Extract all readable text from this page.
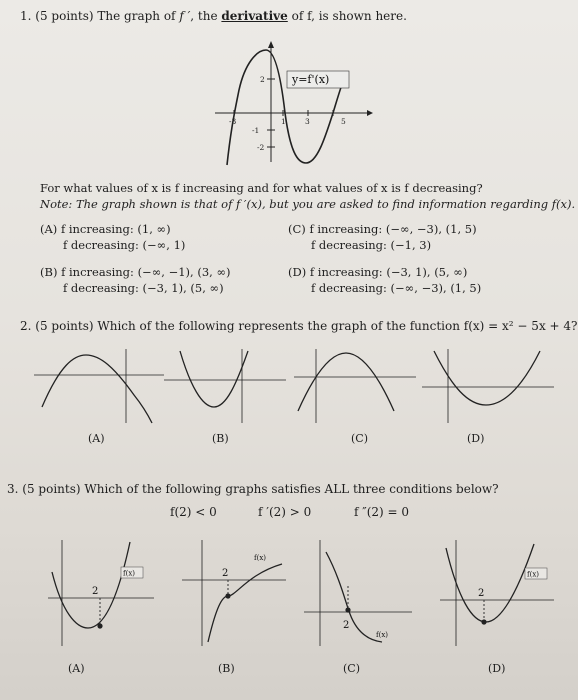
1. (5 points) The graph of f ′, the derivative of f, is shown here.
y=f'(x)
2
-1
-2
-3	1	3	5
For what values of x is f increasing and for what values of x is f decreasing?
Note: The graph shown is that of f ′(x), but you are asked to find information regarding f(x).
(A) f increasing: (1, ∞)
f decreasing: (−∞, 1)
(C) f increasing: (−∞, −3), (1, 5)
f decreasing: (−1, 3)
(B) f increasing: (−∞, −1), (3, ∞)
f decreasing: (−3, 1), (5, ∞)
(D) f increasing: (−3, 1), (5, ∞)
f decreasing: (−∞, −3), (1, 5)
2. (5 points) Which of the following represents the graph of the function f(x) = x² − 5x + 4?
(A)	(B)	(C)	(D)
3. (5 points) Which of the following graphs satisfies ALL three conditions below?
f(2) < 0	f ′(2) > 0	f ″(2) = 0
2
f(x)	2
f(x)
2
f(x)
2
f(x)
(A)	(B)	(C)	(D)
